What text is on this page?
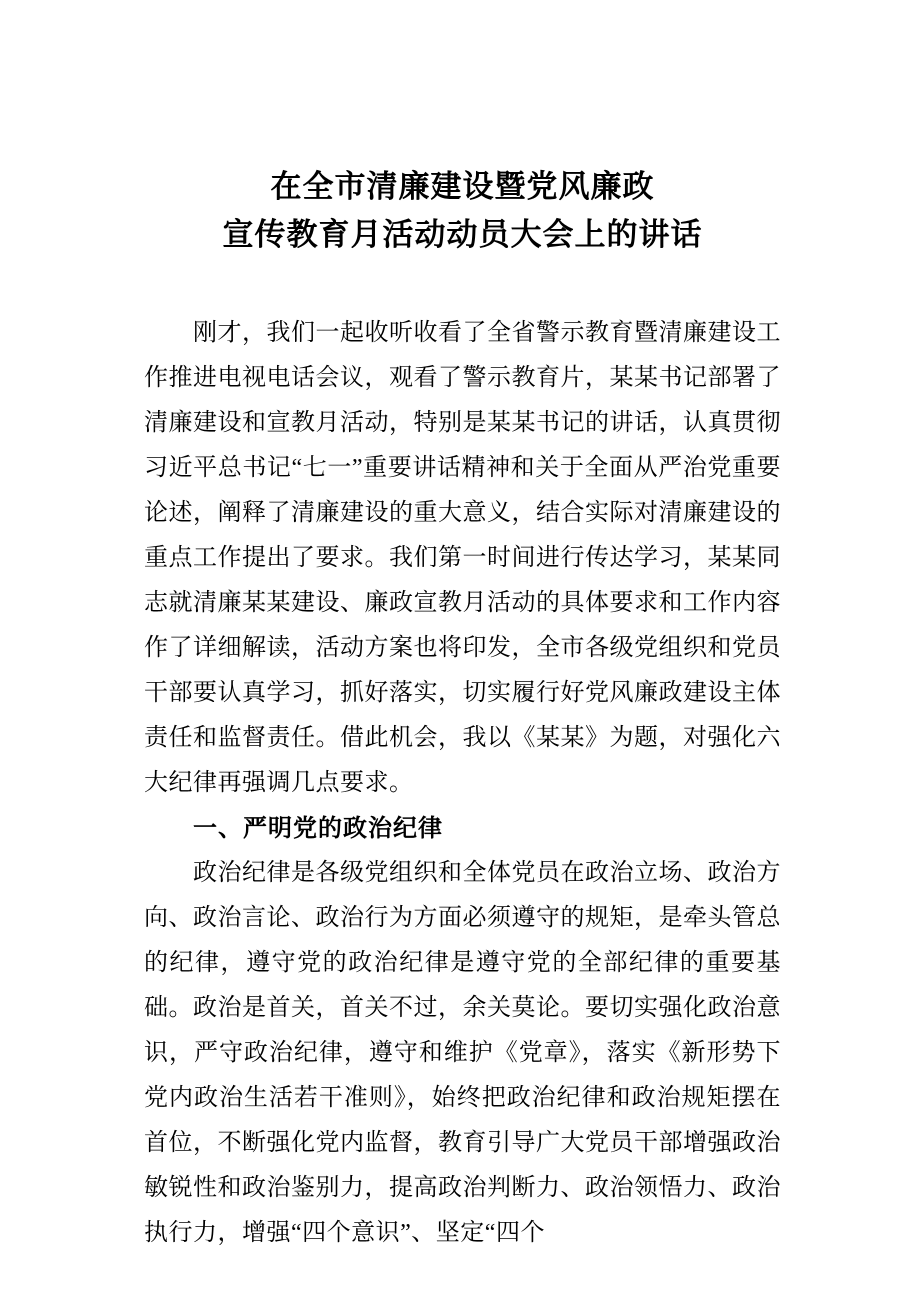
在全市清廉建设暨党风廉政
宣传教育月活动动员大会上的讲话

刚才，我们一起收听收看了全省警示教育暨清廉建设工作推进电视电话会议，观看了警示教育片，某某书记部署了清廉建设和宣教月活动，特别是某某书记的讲话，认真贯彻习近平总书记“七一”重要讲话精神和关于全面从严治党重要论述，阐释了清廉建设的重大意义，结合实际对清廉建设的重点工作提出了要求。我们第一时间进行传达学习，某某同志就清廉某某建设、廉政宣教月活动的具体要求和工作内容作了详细解读，活动方案也将印发，全市各级党组织和党员干部要认真学习，抓好落实，切实履行好党风廉政建设主体责任和监督责任。借此机会，我以《某某》为题，对强化六大纪律再强调几点要求。

一、严明党的政治纪律

政治纪律是各级党组织和全体党员在政治立场、政治方向、政治言论、政治行为方面必须遵守的规矩，是牵头管总的纪律，遵守党的政治纪律是遵守党的全部纪律的重要基础。政治是首关，首关不过，余关莫论。要切实强化政治意识，严守政治纪律，遵守和维护《党章》，落实《新形势下党内政治生活若干准则》，始终把政治纪律和政治规矩摆在首位，不断强化党内监督，教育引导广大党员干部增强政治敏锐性和政治鉴别力，提高政治判断力、政治领悟力、政治执行力，增强“四个意识”、坚定“四个
